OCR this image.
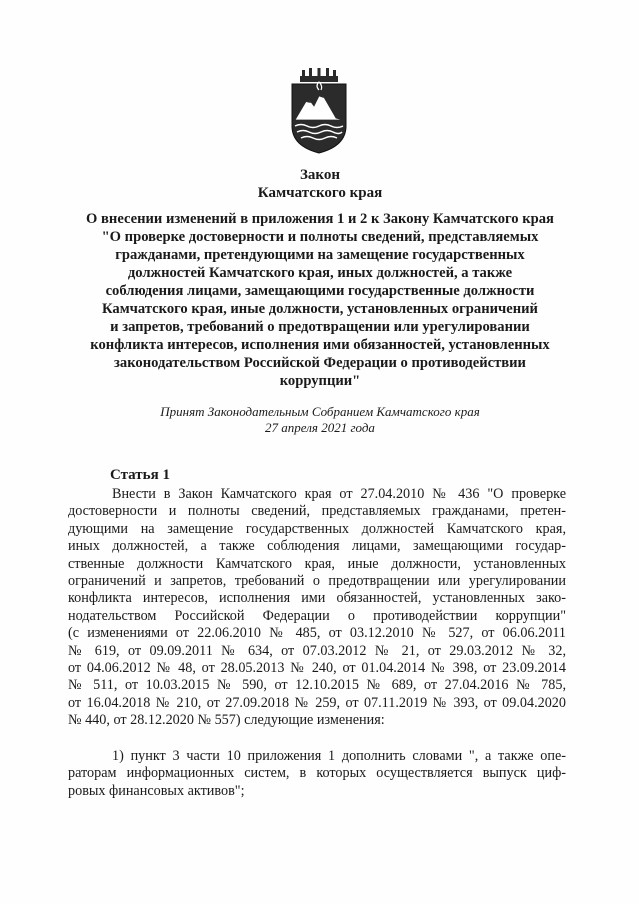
Закон
Камчатского края
О внесении изменений в приложения 1 и 2 к Закону Камчатского края
"О проверке достоверности и полноты сведений, представляемых
гражданами, претендующими на замещение государственных
должностей Камчатского края, иных должностей, а также
соблюдения лицами, замещающими государственные должности
Камчатского края, иные должности, установленных ограничений
и запретов, требований о предотвращении или урегулировании
конфликта интересов, исполнения ими обязанностей, установленных
законодательством Российской Федерации о противодействии
коррупции"
Принят Законодательным Собранием Камчатского края
27 апреля 2021 года
Статья 1
Внести в Закон Камчатского края от 27.04.2010 № 436 "О проверке
достоверности и полноты сведений, представляемых гражданами, претен-
дующими на замещение государственных должностей Камчатского края,
иных должностей, а также соблюдения лицами, замещающими государ-
ственные должности Камчатского края, иные должности, установленных
ограничений и запретов, требований о предотвращении или урегулировании
конфликта интересов, исполнения ими обязанностей, установленных зако-
нодательством Российской Федерации о противодействии коррупции"
(с изменениями от 22.06.2010 № 485, от 03.12.2010 № 527, от 06.06.2011
№ 619, от 09.09.2011 № 634, от 07.03.2012 № 21, от 29.03.2012 № 32,
от 04.06.2012 № 48, от 28.05.2013 № 240, от 01.04.2014 № 398, от 23.09.2014
№ 511, от 10.03.2015 № 590, от 12.10.2015 № 689, от 27.04.2016 № 785,
от 16.04.2018 № 210, от 27.09.2018 № 259, от 07.11.2019 № 393, от 09.04.2020
№ 440, от 28.12.2020 № 557) следующие изменения:
1) пункт 3 части 10 приложения 1 дополнить словами ", а также опе-
раторам информационных систем, в которых осуществляется выпуск циф-
ровых финансовых активов";
